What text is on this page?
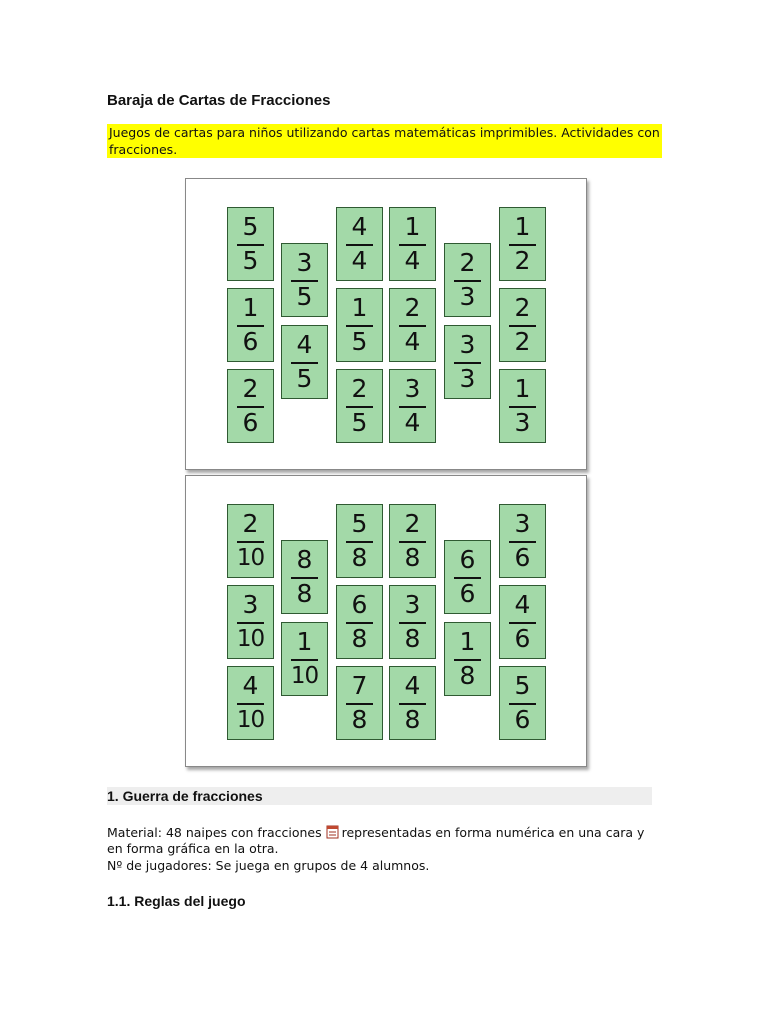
Baraja de Cartas de Fracciones

Juegos de cartas para niños utilizando cartas matemáticas imprimibles. Actividades con fracciones.

5
5
1
6
2
6
3
5
4
5
4
4
1
5
2
5
1
4
2
4
3
4
2
3
3
3
1
2
2
2
1
3
2
10
3
10
4
10
8
8
1
10
5
8
6
8
7
8
2
8
3
8
4
8
6
6
1
8
3
6
4
6
5
6
1. Guerra de fracciones

Material: 48 naipes con fracciones representadas en forma numérica en una cara y en forma gráfica en la otra.

Nº de jugadores: Se juega en grupos de 4 alumnos.

1.1. Reglas del juego
